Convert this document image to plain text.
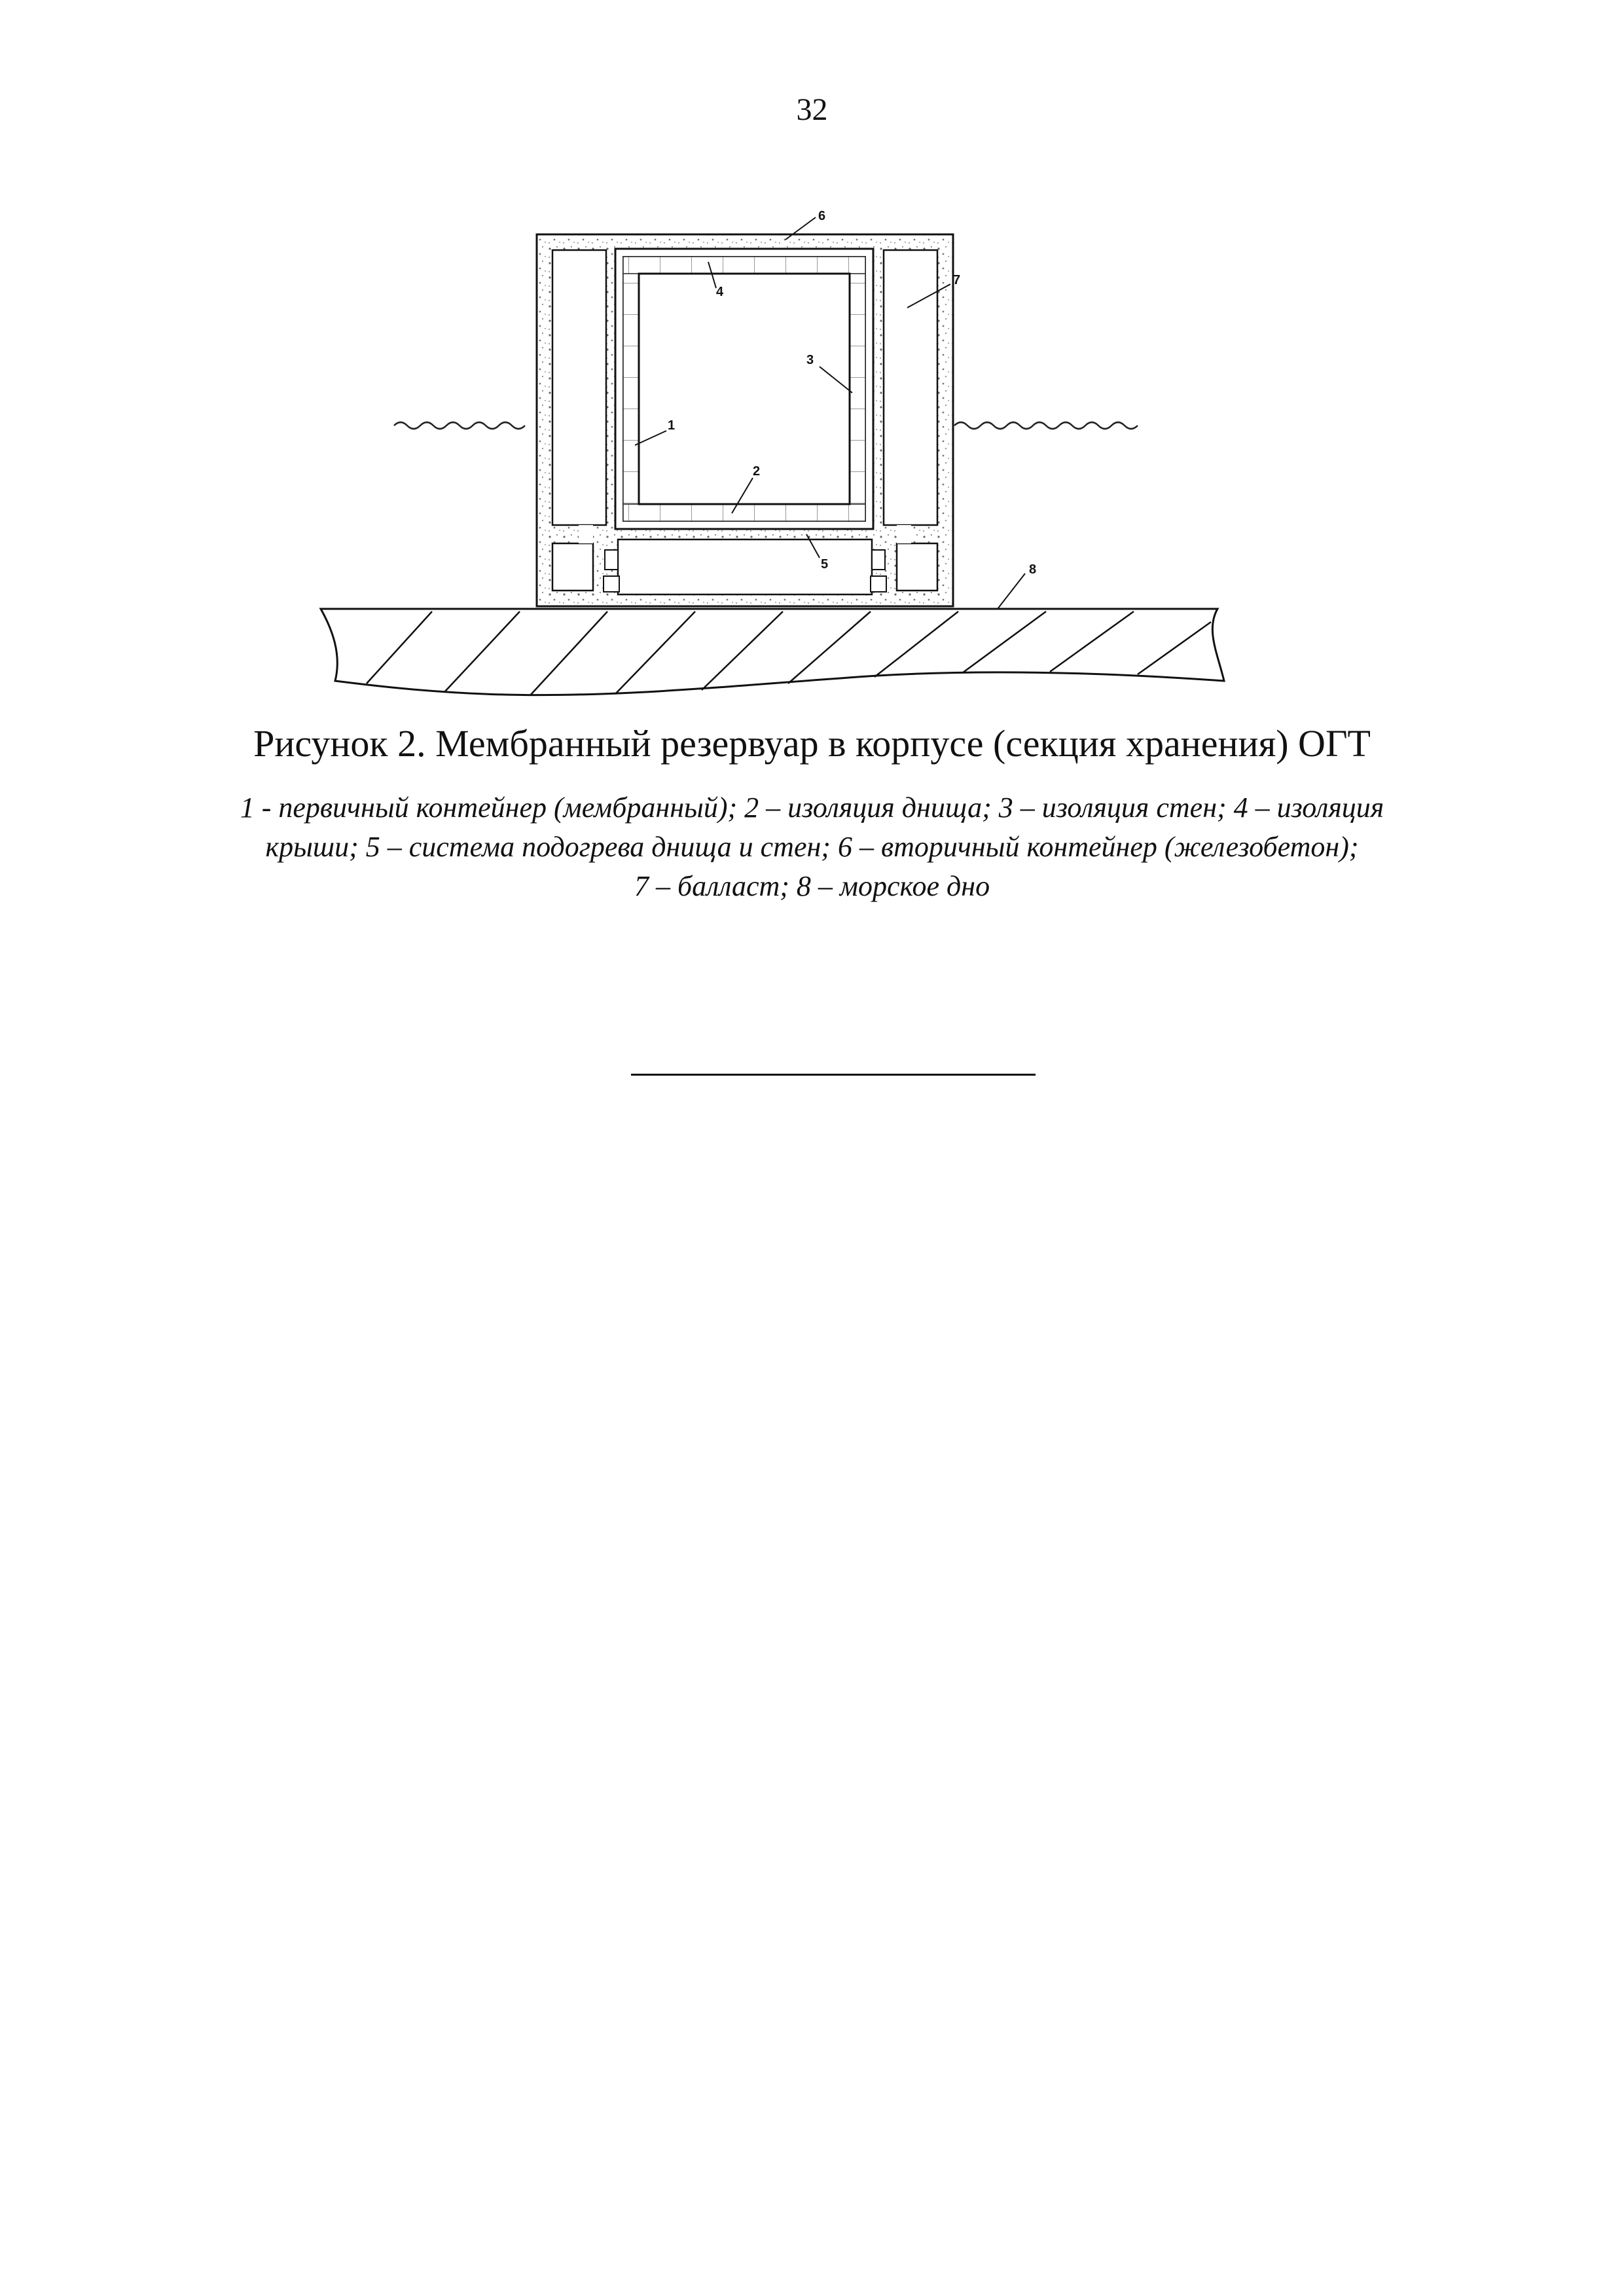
32
1
2
3
4
5
6
7
8
Рисунок 2. Мембранный резервуар в корпусе (секция хранения) ОГТ
1 - первичный контейнер (мембранный); 2 – изоляция днища; 3 – изоляция стен; 4 – изоляция
крыши; 5 – система подогрева днища и стен; 6 – вторичный контейнер (железобетон);
7 – балласт; 8 – морское дно
